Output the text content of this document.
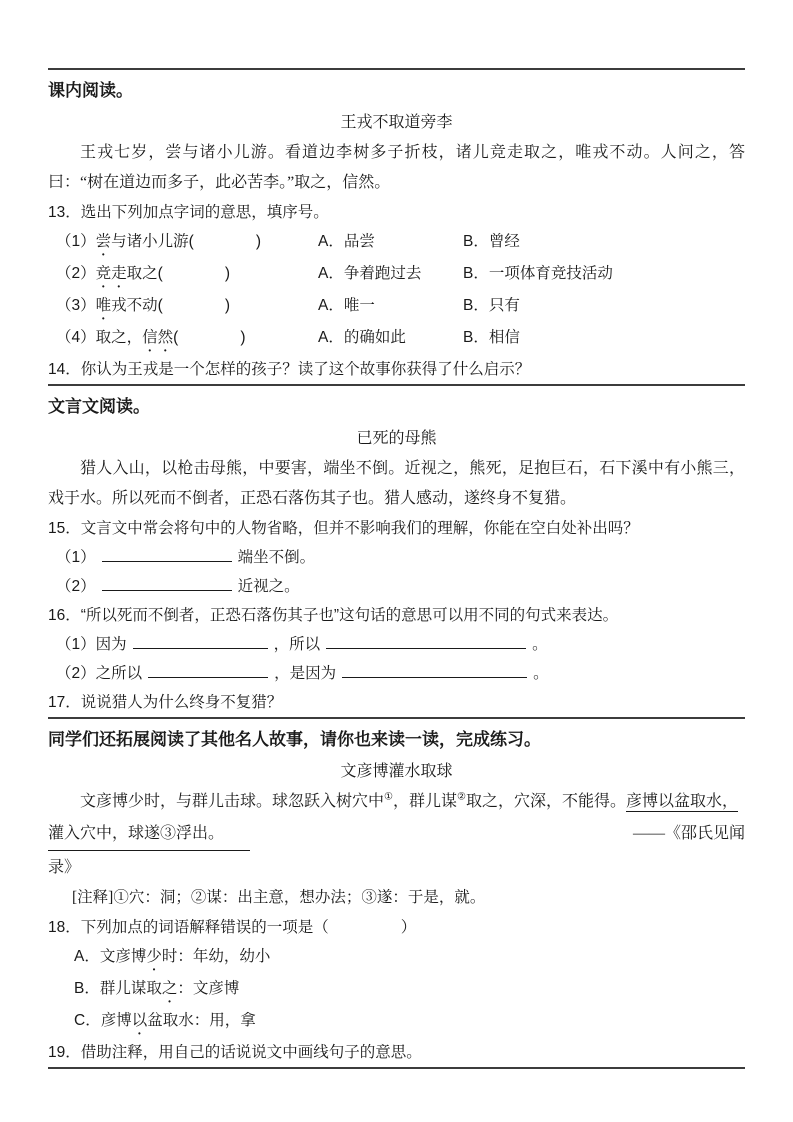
课内阅读。
王戎不取道旁李

王戎七岁，尝与诸小儿游。看道边李树多子折枝，诸儿竞走取之，唯戎不动。人问之，答曰：“树在道边而多子，此必苦李。”取之，信然。

13．选出下列加点字词的意思，填序号。

（1）尝与诸小儿游(	)	A．品尝	B．曾经
（2）竞走取之(	)	A．争着跑过去	B．一项体育竞技活动
（3）唯戎不动(	)	A．唯一	B．只有
（4）取之，信然(	)	A．的确如此	B．相信

14．你认为王戎是一个怎样的孩子？读了这个故事你获得了什么启示？

文言文阅读。
已死的母熊

猎人入山，以枪击母熊，中要害，端坐不倒。近视之，熊死，足抱巨石，石下溪中有小熊三，戏于水。所以死而不倒者，正恐石落伤其子也。猎人感动，遂终身不复猎。

15．文言文中常会将句中的人物省略，但并不影响我们的理解，你能在空白处补出吗？

（1）	端坐不倒。
（2）	近视之。

16．“所以死而不倒者，正恐石落伤其子也”这句话的意思可以用不同的句式来表达。

（1）因为	，所以	。
（2）之所以	，是因为	。

17．说说猎人为什么终身不复猎？

同学们还拓展阅读了其他名人故事，请你也来读一读，完成练习。
文彦博灌水取球

文彦博少时，与群儿击球。球忽跃入树穴中①，群儿谋②取之，穴深，不能得。彦博以盆取水，

灌入穴中，球遂③浮出。	——《邵氏见闻

录》

[注释]①穴：洞；②谋：出主意，想办法；③遂：于是，就。

18．下列加点的词语解释错误的一项是（	）

A．文彦博少时：年幼，幼小
B．群儿谋取之：文彦博
C．彦博以盆取水：用，拿

19．借助注释，用自己的话说说文中画线句子的意思。
